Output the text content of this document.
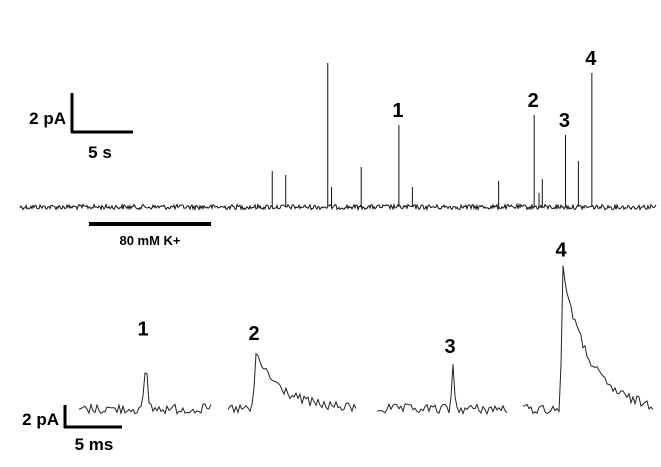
1	2
3
4
2 pA
5 s
80 mM K+
1	2
3
4
2 pA
5 ms
